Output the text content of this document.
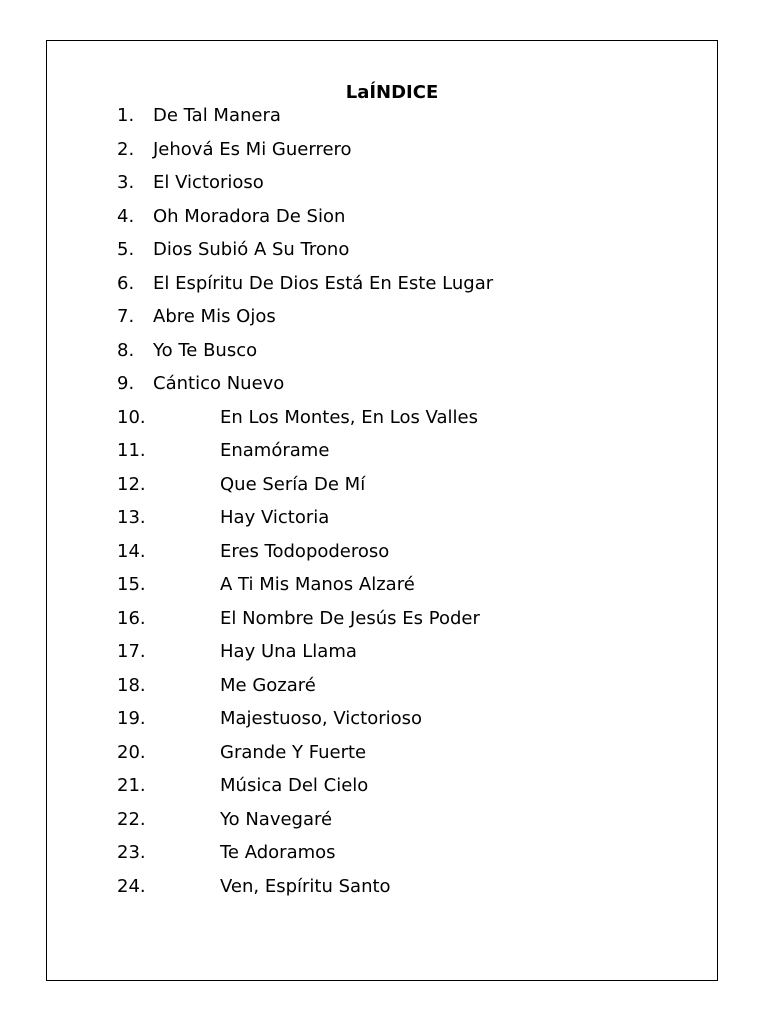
LaÍNDICE
1. De Tal Manera
2. Jehová Es Mi Guerrero
3. El Victorioso
4. Oh Moradora De Sion
5. Dios Subió A Su Trono
6. El Espíritu De Dios Está En Este Lugar
7. Abre Mis Ojos
8. Yo Te Busco
9. Cántico Nuevo
10.	En Los Montes, En Los Valles
11.	Enamórame
12.	Que Sería De Mí
13.	Hay Victoria
14.	Eres Todopoderoso
15.	A Ti Mis Manos Alzaré
16.	El Nombre De Jesús Es Poder
17.	Hay Una Llama
18.	Me Gozaré
19.	Majestuoso, Victorioso
20.	Grande Y Fuerte
21.	Música Del Cielo
22.	Yo Navegaré
23.	Te Adoramos
24.	Ven, Espíritu Santo
